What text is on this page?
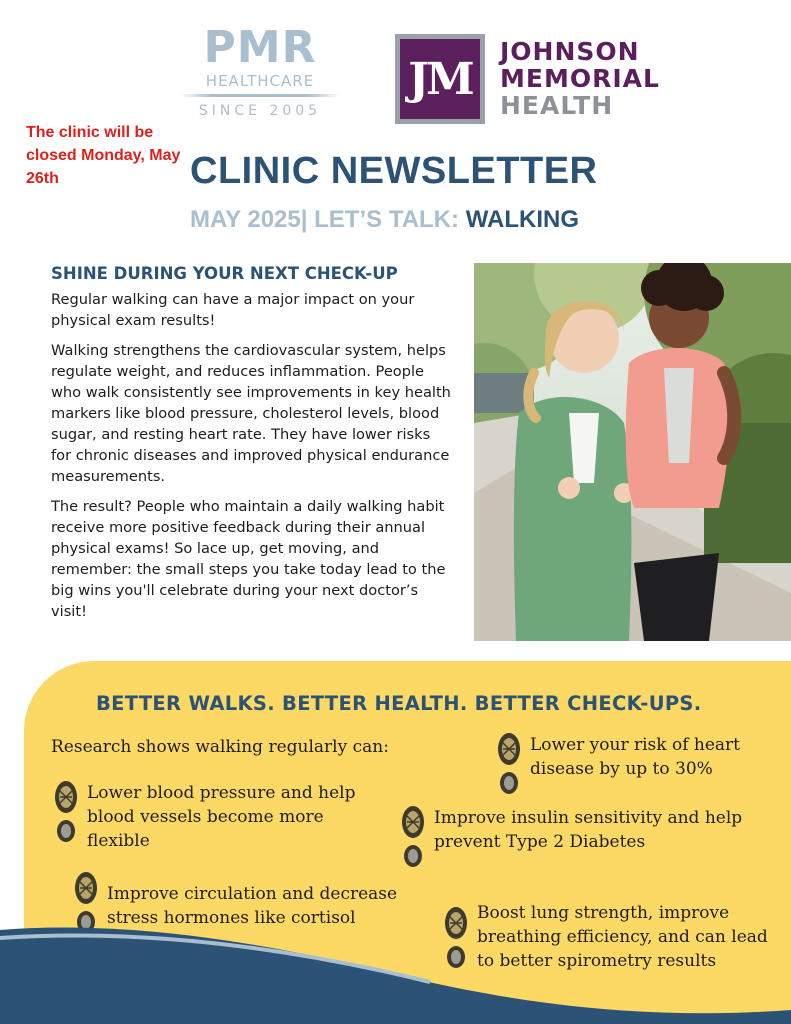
PMR
HEALTHCARE
SINCE 2005
JM
JOHNSON
MEMORIAL
HEALTH
The clinic will be closed Monday, May 26th	CLINIC NEWSLETTER
MAY 2025| LET’S TALK: WALKING
SHINE DURING YOUR NEXT CHECK-UP

Regular walking can have a major impact on your physical exam results!

Walking strengthens the cardiovascular system, helps regulate weight, and reduces inflammation. People who walk consistently see improvements in key health markers like blood pressure, cholesterol levels, blood sugar, and resting heart rate. They have lower risks for chronic diseases and improved physical endurance measurements.

The result? People who maintain a daily walking habit receive more positive feedback during their annual physical exams! So lace up, get moving, and remember: the small steps you take today lead to the big wins you'll celebrate during your next doctor’s visit!

BETTER WALKS. BETTER HEALTH. BETTER CHECK-UPS.
Research shows walking regularly can:
Lower blood pressure and help blood vessels become more flexible
Lower your risk of heart disease by up to 30%
Improve insulin sensitivity and help prevent Type 2 Diabetes
Improve circulation and decrease stress hormones like cortisol	Boost lung strength, improve breathing efficiency, and can lead to better spirometry results
